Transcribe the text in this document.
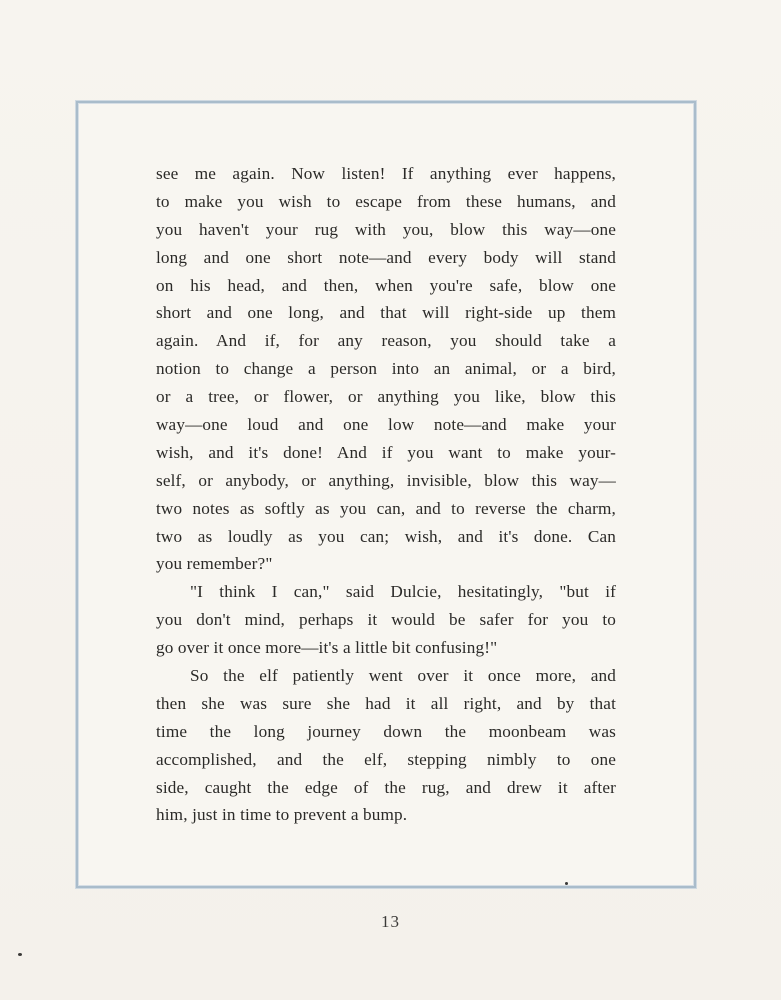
see me again. Now listen! If anything ever happens,
to make you wish to escape from these humans, and
you haven't your rug with you, blow this way—one
long and one short note—and every body will stand
on his head, and then, when you're safe, blow one
short and one long, and that will right-side up them
again. And if, for any reason, you should take a
notion to change a person into an animal, or a bird,
or a tree, or flower, or anything you like, blow this
way—one loud and one low note—and make your
wish, and it's done! And if you want to make your-
self, or anybody, or anything, invisible, blow this way—
two notes as softly as you can, and to reverse the charm,
two as loudly as you can; wish, and it's done. Can
you remember?"
"I think I can," said Dulcie, hesitatingly, "but if
you don't mind, perhaps it would be safer for you to
go over it once more—it's a little bit confusing!"
So the elf patiently went over it once more, and
then she was sure she had it all right, and by that
time the long journey down the moonbeam was
accomplished, and the elf, stepping nimbly to one
side, caught the edge of the rug, and drew it after
him, just in time to prevent a bump.
13
